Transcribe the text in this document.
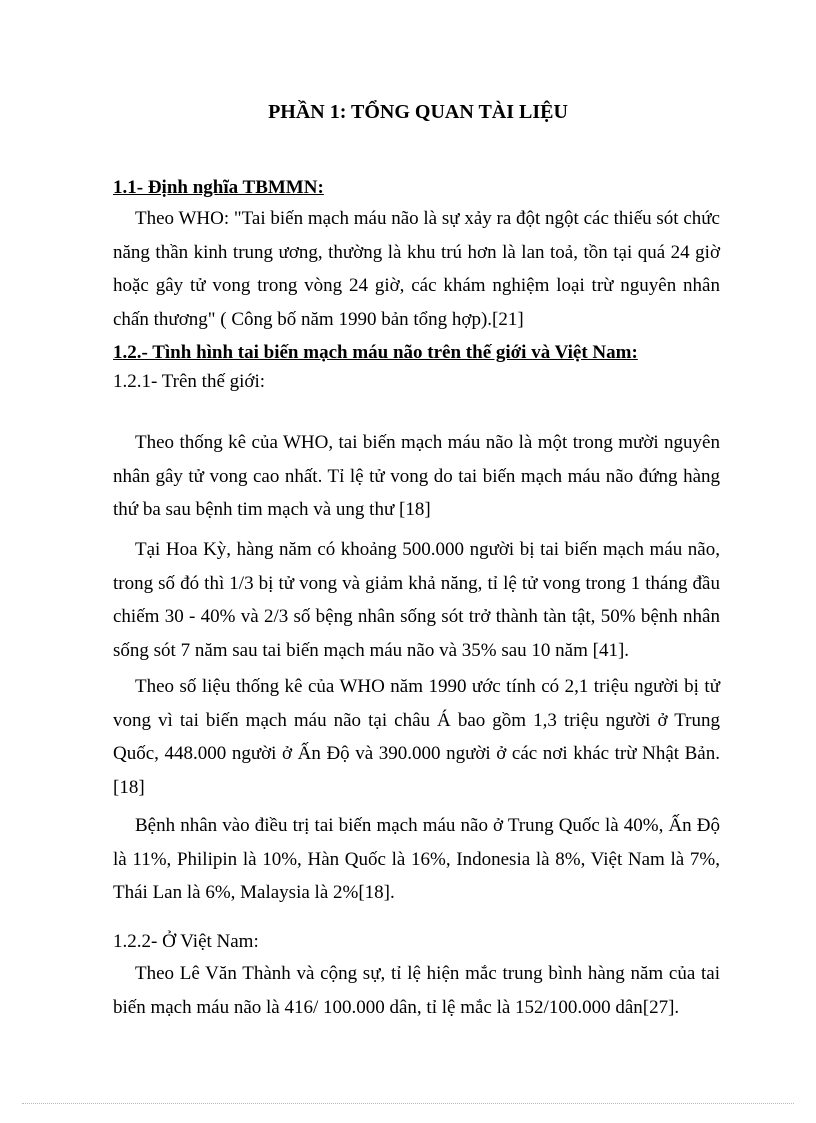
PHẦN 1: TỔNG QUAN TÀI LIỆU

1.1- Định nghĩa TBMMN:

Theo WHO: "Tai biến mạch máu não là sự xảy ra đột ngột các thiếu sót chức năng thần kinh trung ương, thường là khu trú hơn là lan toả, tồn tại quá 24 giờ hoặc gây tử vong trong vòng 24 giờ, các khám nghiệm loại trừ nguyên nhân chấn thương" ( Công bố năm 1990 bản tổng hợp).[21]

1.2.- Tình hình tai biến mạch máu não trên thế giới và Việt Nam:

1.2.1- Trên thế giới:

Theo thống kê của WHO, tai biến mạch máu não là một trong mười nguyên nhân gây tử vong cao nhất. Tỉ lệ tử vong do tai biến mạch máu não đứng hàng thứ ba sau bệnh tim mạch và ung thư [18]

Tại Hoa Kỳ, hàng năm có khoảng 500.000 người bị tai biến mạch máu não, trong số đó thì 1/3 bị tử vong và giảm khả năng, tỉ lệ tử vong trong 1 tháng đầu chiếm 30 - 40% và 2/3 số bệng nhân sống sót trở thành tàn tật, 50% bệnh nhân sống sót 7 năm sau tai biến mạch máu não và 35% sau 10 năm [41].

Theo số liệu thống kê của WHO năm 1990 ước tính có 2,1 triệu người bị tử vong vì tai biến mạch máu não tại châu Á bao gồm 1,3 triệu người ở Trung Quốc, 448.000 người ở Ấn Độ và 390.000 người ở các nơi khác trừ Nhật Bản.[18]

Bệnh nhân vào điều trị tai biến mạch máu não ở Trung Quốc là 40%, Ấn Độ là 11%, Philipin là 10%, Hàn Quốc là 16%, Indonesia là 8%, Việt Nam là 7%, Thái Lan là 6%, Malaysia là 2%[18].

1.2.2- Ở Việt Nam:

Theo Lê Văn Thành và cộng sự, tỉ lệ hiện mắc trung bình hàng năm của tai biến mạch máu não là 416/ 100.000 dân, tỉ lệ mắc là 152/100.000 dân[27].
